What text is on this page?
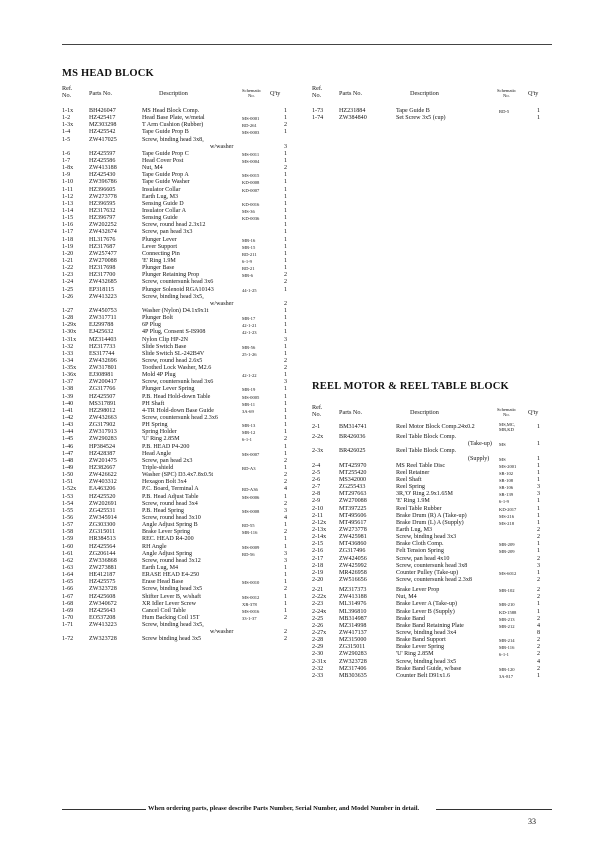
MS HEAD BLOCK
Ref.
No.	Parts No.	Description	Schematic
No. Q'ty
Ref.
No.	Parts No.	Description	Schematic
No.	Q'ty
1-1x	BH426047	MS Head Block Comp.	1
1-2	HZ425417	Head Base Plate, w/metal	MS-0001	1
1-3x	MZ303298	T Arm Cushion (Rubber)	RD-261	2
1-4	HZ425542	Tape Guide Prop B	MS-0003	1
1-5	ZW417025	Screw, binding head 3x8,
w/washer	3
1-6	HZ425597	Tape Guide Prop C	MS-0011	1
1-7	HZ425586	Head Cover Post	MS-0004	1
1-8x	ZW413188	Nut, M4	2
1-9	HZ425430	Tape Guide Prop A	MS-0015	1
1-10	ZW396786	Tape Guide Washer	KD-0008	1
1-11	HZ396605	Insulator Collar	KD-0007	1
1-12	ZW273778	Earth Lug, M3	1
1-13	HZ396595	Sensing Guide D	KD-0016	1
1-14	HZ317632	Insulator Collar A	MS-36	1
1-15	HZ396797	Sensing Guide	KD-0036	1
1-16	ZW202252	Screw, round head 2.3x12	1
1-17	ZW432674	Screw, pan head 3x3	1
1-18	HL317676	Plunger Lever	MR-16	1
1-19	HZ317687	Lever Support	MR-15	1
1-20	ZW257477	Connecting Pin	RD-211	1
1-21	ZW270088	'E' Ring 1.9M	6-1-9	1
1-22	HZ317698	Plunger Base	RD-21	1
1-23	HZ317700	Plunger Retaining Prop	MR-6	2
1-24	ZW432685	Screw, countersunk head 3x6	2
1-25	EP318115	Plunger Solenoid RGA10143	44-1-25	1
1-26	ZW413223	Screw, binding head 3x5,
w/washer	2
1-27	ZW450753	Washer (Nylon) D4.1x9x1t	1
1-28	ZW317711	Plunger Bolt	MR-17	1
1-29x EJ299788	6P Plug	42-1-21	1
1-30x EJ425632	4P Plug, Consent S-IS908	42-1-23	1
1-31x MZ314403	Nylon Clip HP-2N	3
1-32	HZ317733	Slide Switch Base	MR-56	1
1-33	ES317744	Slide Switch SL-242B4V	25-1-26	1
1-34	ZW432696	Screw, round head 2.6x5	2
1-35x ZW317801	Toothed Lock Washer, M2.6	2
1-36x EJ308981	Mold 4P Plug	42-1-22	1
1-37	ZW200417	Screw, countersunk head 3x6	3
1-38	ZG317766	Plunger Lever Spring	MR-19	1
1-39	HZ425507	P.B. Head Hold-down Table	MS-0005	1
1-40	MS317891	PH Shaft	MR-11	1
1-41	HZ298012	4-TR Hold-down Base Guide	3A-69	1
1-42	ZW432663	Screw, countersunk head 2.3x6	1
1-43	ZG317902	PH Spring	MR-13	1
1-44	ZW317913	Spring Holder	MR-12	1
1-45	ZW290283	'U' Ring 2.85M	6-1-1	2
1-46	HP384524	P.B. HEAD P4-200	1
1-47	HZ428387	Head Angle	MS-0007	1
1-48	ZW201475	Screw, pan head 2x3	2
1-49	HZ382667	Triple-shield	RD-A3	1
1-50	ZW426622	Washer (SPC) D3.4x7.8x0.5t	2
1-51	ZW403312	Hexagon Bolt 3x4	2
1-52x EA463206	P.C. Board, Terminal A	RD-A36	4
1-53	HZ425520	P.B. Head Adjust Table	MS-0006	1
1-54	ZW202691	Screw, round head 3x4	2
1-55	ZG425531	P.B. Head Spring	MS-0008	3
1-56	ZW345914	Screw, round head 3x10	4
1-57	ZG303300	Angle Adjust Spring B	RD-55	1
1-58	ZG315011	Brake Lever Spring	MR-116	2
1-59	HR384513	REC. HEAD R4-200	1
1-60	HZ425564	RH Angle	MS-0009	1
1-61	ZG206144	Angle Adjust Spring	RD-56	3
1-62	ZW336868	Screw, round head 3x12	3
1-63	ZW273881	Earth Lug, M4	1
1-64	HE412187	ERASE HEAD E4-250	1
1-65	HZ425575	Erase Head Base	MS-0010	1
1-66	ZW323728	Screw, binding head 3x5	2
1-67	HZ425608	Shifter Lever B, w/shaft	MS-0012	1
1-68	ZW340672	XR Idler Lever Screw	XR-378	1
1-69	HZ425643	Cancel Coil Table	MS-0016	1
1-70	EO537208	Hum Backing Coil 15T	33-1-37	2
1-71	ZW413223	Screw, binding head 3x5,
w/washer	2
1-72	ZW323728	Screw binding head 3x5	2
1-73	HZ231884	Tape Guide B	RD-5	1
1-74	ZW384840	Set Screw 3x5 (cup)	1
REEL MOTOR & REEL TABLE BLOCK
Ref.
No.	Parts No.	Description	Schematic
No.	Q'ty
2-1	BM314741	Reel Motor Block Comp.24x0.2	MS,MC,
MR,KD	1
2-2x	BR426036	Reel Table Block Comp.
(Take-up) MS	1
2-3x	BR426025	Reel Table Block Comp.
(Supply) MS	1
2-4	MT425970	MS Reel Table Disc	MS-2001	1
2-5	MT255420	Reel Retainer	SR-102	1
2-6	MS342000	Reel Shaft	SR-108	1
2-7	ZG255433	Reel Spring	SR-106	3
2-8	MT297663	3R,'O' Ring 2.9x1.65M	SR-139	3
2-9	ZW270088	'E' Ring 1.9M	6-1-9	1
2-10	MT397225	Reel Table Rubber	KD-2017	1
2-11	MT495606	Brake Drum (R) A (Take-up)	MS-216	1
2-12x MT495617	Brake Drum (L) A (Supply)	MS-218	1
2-13x ZW273778	Earth Lug, M3	2
2-14x ZW425981	Screw, binding head 3x3	2
2-15	MT436860	Brake Cloth Comp.	MR-209	1
2-16	ZG317496	Felt Tension Spring	MR-209	1
2-17	ZW424056	Screw, pan head 4x10	2
2-18	ZW425992	Screw, countersunk head 3x8	3
2-19	MR426958	Counter Pulley (Take-up)	MS-6012	1
2-20	ZW516656	Screw, countersunk head 2.3x8	2
2-21	MZ317373	Brake Lever Prop	MR-102	2
2-22x ZW413188	Nut, M4	2
2-23	ML314976	Brake Lever A (Take-up)	MR-210	1
2-24x ML396810	Brake Lever B (Supply)	KD-1588	1
2-25	MB314987	Brake Band	MR-213	2
2-26	MZ314998	Brake Band Retaining Plate	MR-212	4
2-27x ZW417137	Screw, binding head 3x4	8
2-28	MZ315000	Brake Band Support	MR-214	2
2-29	ZG315011	Brake Lever Spring	MR-116	2
2-30	ZW290283	'U' Ring 2.85M	6-1-1	2
2-31x ZW323728	Screw, binding head 3x5	4
2-32	MZ317406	Brake Band Guide, w/base	MR-120	2
2-33	MB303635	Counter Belt D91x1.6	3A-817	1
When ordering parts, please describe Parts Number, Serial Number, and Model Number in detail.
33
